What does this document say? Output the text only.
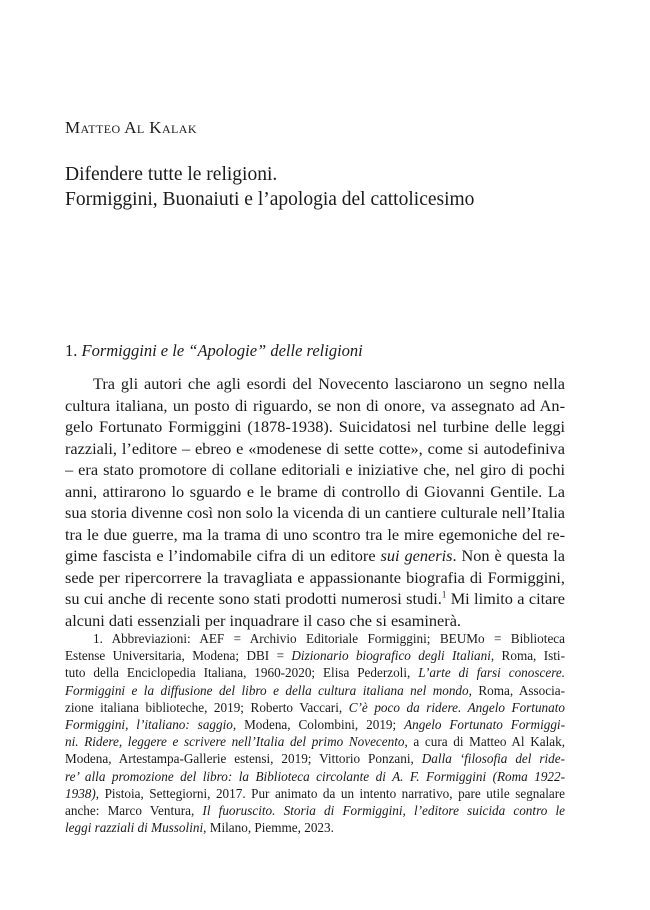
Matteo Al Kalak
Difendere tutte le religioni.
Formiggini, Buonaiuti e l’apologia del cattolicesimo
1. Formiggini e le “Apologie” delle religioni
Tra gli autori che agli esordi del Novecento lasciarono un segno nella
cultura italiana, un posto di riguardo, se non di onore, va assegnato ad An-
gelo Fortunato Formiggini (1878-1938). Suicidatosi nel turbine delle leggi
razziali, l’editore – ebreo e «modenese di sette cotte», come si autodefiniva
– era stato promotore di collane editoriali e iniziative che, nel giro di pochi
anni, attirarono lo sguardo e le brame di controllo di Giovanni Gentile. La
sua storia divenne così non solo la vicenda di un cantiere culturale nell’Italia
tra le due guerre, ma la trama di uno scontro tra le mire egemoniche del re-
gime fascista e l’indomabile cifra di un editore sui generis. Non è questa la
sede per ripercorrere la travagliata e appassionante biografia di Formiggini,
su cui anche di recente sono stati prodotti numerosi studi.$^1$ Mi limito a citare
alcuni dati essenziali per inquadrare il caso che si esaminerà.
1. Abbreviazioni: AEF = Archivio Editoriale Formiggini; BEUMo = Biblioteca
Estense Universitaria, Modena; DBI = Dizionario biografico degli Italiani, Roma, Isti-
tuto della Enciclopedia Italiana, 1960-2020; Elisa Pederzoli, L’arte di farsi conoscere.
Formiggini e la diffusione del libro e della cultura italiana nel mondo, Roma, Associa-
zione italiana biblioteche, 2019; Roberto Vaccari, C’è poco da ridere. Angelo Fortunato
Formiggini, l’italiano: saggio, Modena, Colombini, 2019; Angelo Fortunato Formiggi-
ni. Ridere, leggere e scrivere nell’Italia del primo Novecento, a cura di Matteo Al Kalak,
Modena, Artestampa-Gallerie estensi, 2019; Vittorio Ponzani, Dalla ‘filosofia del ride-
re’ alla promozione del libro: la Biblioteca circolante di A. F. Formiggini (Roma 1922-
1938), Pistoia, Settegiorni, 2017. Pur animato da un intento narrativo, pare utile segnalare
anche: Marco Ventura, Il fuoruscito. Storia di Formiggini, l’editore suicida contro le
leggi razziali di Mussolini, Milano, Piemme, 2023.
